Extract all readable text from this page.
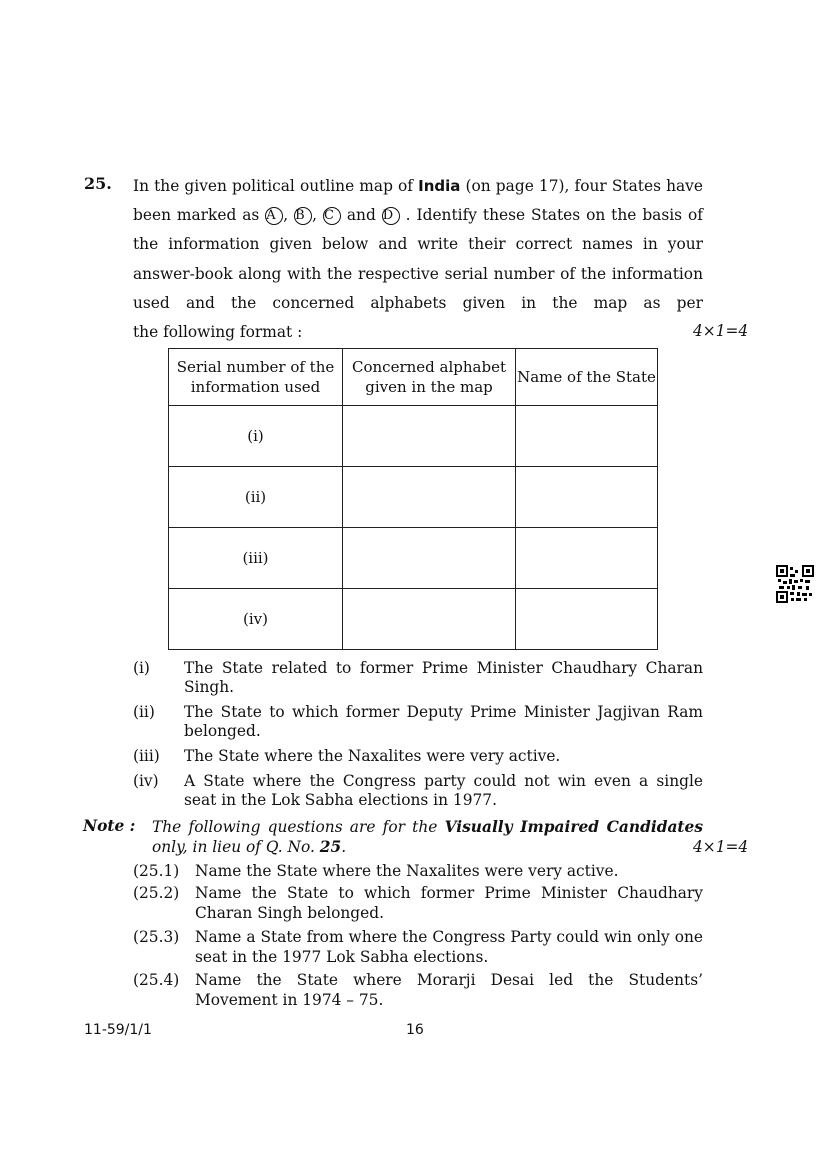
25. In the given political outline map of India (on page 17), four States have been marked as A , B , C and D . Identify these States on the basis of the information given below and write their correct names in your answer-book along with the respective serial number of the information used and the concerned alphabets given in the map as per
the following format :	4×1=4
Serial number of the information used	Concerned alphabet given in the map	Name of the State
(i)		
(ii)		
(iii)		
(iv)		
(i) The State related to former Prime Minister Chaudhary Charan Singh.
(ii) The State to which former Deputy Prime Minister Jagjivan Ram belonged.
(iii) The State where the Naxalites were very active.
(iv) A State where the Congress party could not win even a single seat in the Lok Sabha elections in 1977.
Note : The following questions are for the Visually Impaired Candidates
only, in lieu of Q. No. 25.	4×1=4
(25.1) Name the State where the Naxalites were very active.
(25.2) Name the State to which former Prime Minister Chaudhary Charan Singh belonged.
(25.3) Name a State from where the Congress Party could win only one seat in the 1977 Lok Sabha elections.
(25.4) Name the State where Morarji Desai led the Students’ Movement in 1974 – 75.
11-59/1/1	16
